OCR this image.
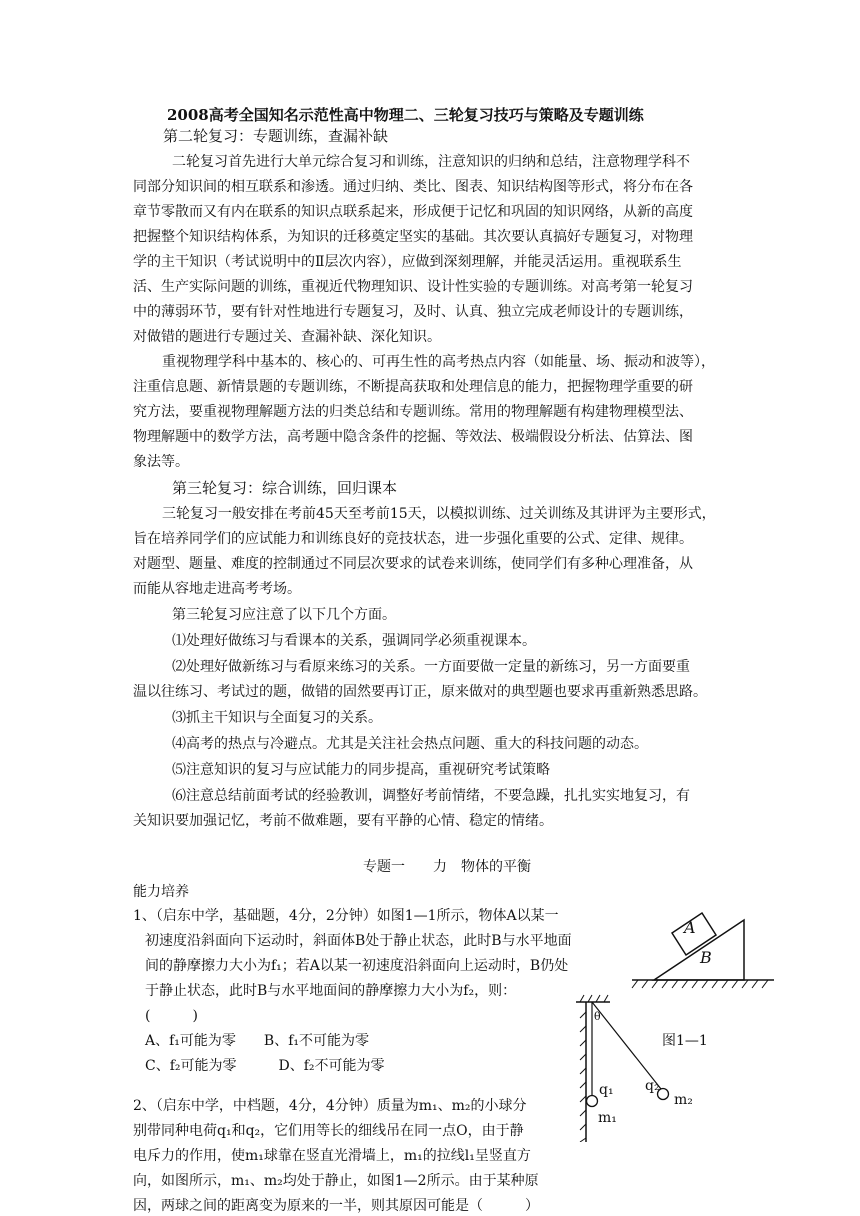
2008高考全国知名示范性高中物理二、三轮复习技巧与策略及专题训练
第二轮复习：专题训练，查漏补缺
二轮复习首先进行大单元综合复习和训练，注意知识的归纳和总结，注意物理学科不
同部分知识间的相互联系和渗透。通过归纳、类比、图表、知识结构图等形式，将分布在各
章节零散而又有内在联系的知识点联系起来，形成便于记忆和巩固的知识网络，从新的高度
把握整个知识结构体系，为知识的迁移奠定坚实的基础。其次要认真搞好专题复习，对物理
学的主干知识（考试说明中的Ⅱ层次内容），应做到深刻理解，并能灵活运用。重视联系生
活、生产实际问题的训练，重视近代物理知识、设计性实验的专题训练。对高考第一轮复习
中的薄弱环节，要有针对性地进行专题复习，及时、认真、独立完成老师设计的专题训练，
对做错的题进行专题过关、查漏补缺、深化知识。
重视物理学科中基本的、核心的、可再生性的高考热点内容（如能量、场、振动和波等），
注重信息题、新情景题的专题训练，不断提高获取和处理信息的能力，把握物理学重要的研
究方法，要重视物理解题方法的归类总结和专题训练。常用的物理解题有构建物理模型法、
物理解题中的数学方法，高考题中隐含条件的挖掘、等效法、极端假设分析法、估算法、图
象法等。
第三轮复习：综合训练，回归课本
三轮复习一般安排在考前45天至考前15天，以模拟训练、过关训练及其讲评为主要形式，
旨在培养同学们的应试能力和训练良好的竞技状态，进一步强化重要的公式、定律、规律。
对题型、题量、难度的控制通过不同层次要求的试卷来训练，使同学们有多种心理准备，从
而能从容地走进高考考场。
第三轮复习应注意了以下几个方面。
⑴处理好做练习与看课本的关系，强调同学必须重视课本。
⑵处理好做新练习与看原来练习的关系。一方面要做一定量的新练习，另一方面要重
温以往练习、考试过的题，做错的固然要再订正，原来做对的典型题也要求再重新熟悉思路。
⑶抓主干知识与全面复习的关系。
⑷高考的热点与冷避点。尤其是关注社会热点问题、重大的科技问题的动态。
⑸注意知识的复习与应试能力的同步提高，重视研究考试策略
⑹注意总结前面考试的经验教训，调整好考前情绪，不要急躁，扎扎实实地复习，有
关知识要加强记忆，考前不做难题，要有平静的心情、稳定的情绪。
专题一　　力　物体的平衡
能力培养
1、（启东中学，基础题，4分，2分钟）如图1—1所示，物体A以某一
初速度沿斜面向下运动时，斜面体B处于静止状态，此时B与水平地面
间的静摩擦力大小为f₁；若A以某一初速度沿斜面向上运动时，B仍处
于静止状态，此时B与水平地面间的静摩擦力大小为f₂，则：
(　　　)
A、f₁可能为零　　B、f₁不可能为零
C、f₂可能为零　　　D、f₂不可能为零
A
B
图1—1
2、（启东中学，中档题，4分，4分钟）质量为m₁、m₂的小球分
别带同种电荷q₁和q₂，它们用等长的细线吊在同一点O，由于静
电斥力的作用，使m₁球靠在竖直光滑墙上，m₁的拉线l₁呈竖直方
向，如图所示，m₁、m₂均处于静止，如图1—2所示。由于某种原
因，两球之间的距离变为原来的一半，则其原因可能是（　　　）
θ
q₁ q₂
m₁
m₂
